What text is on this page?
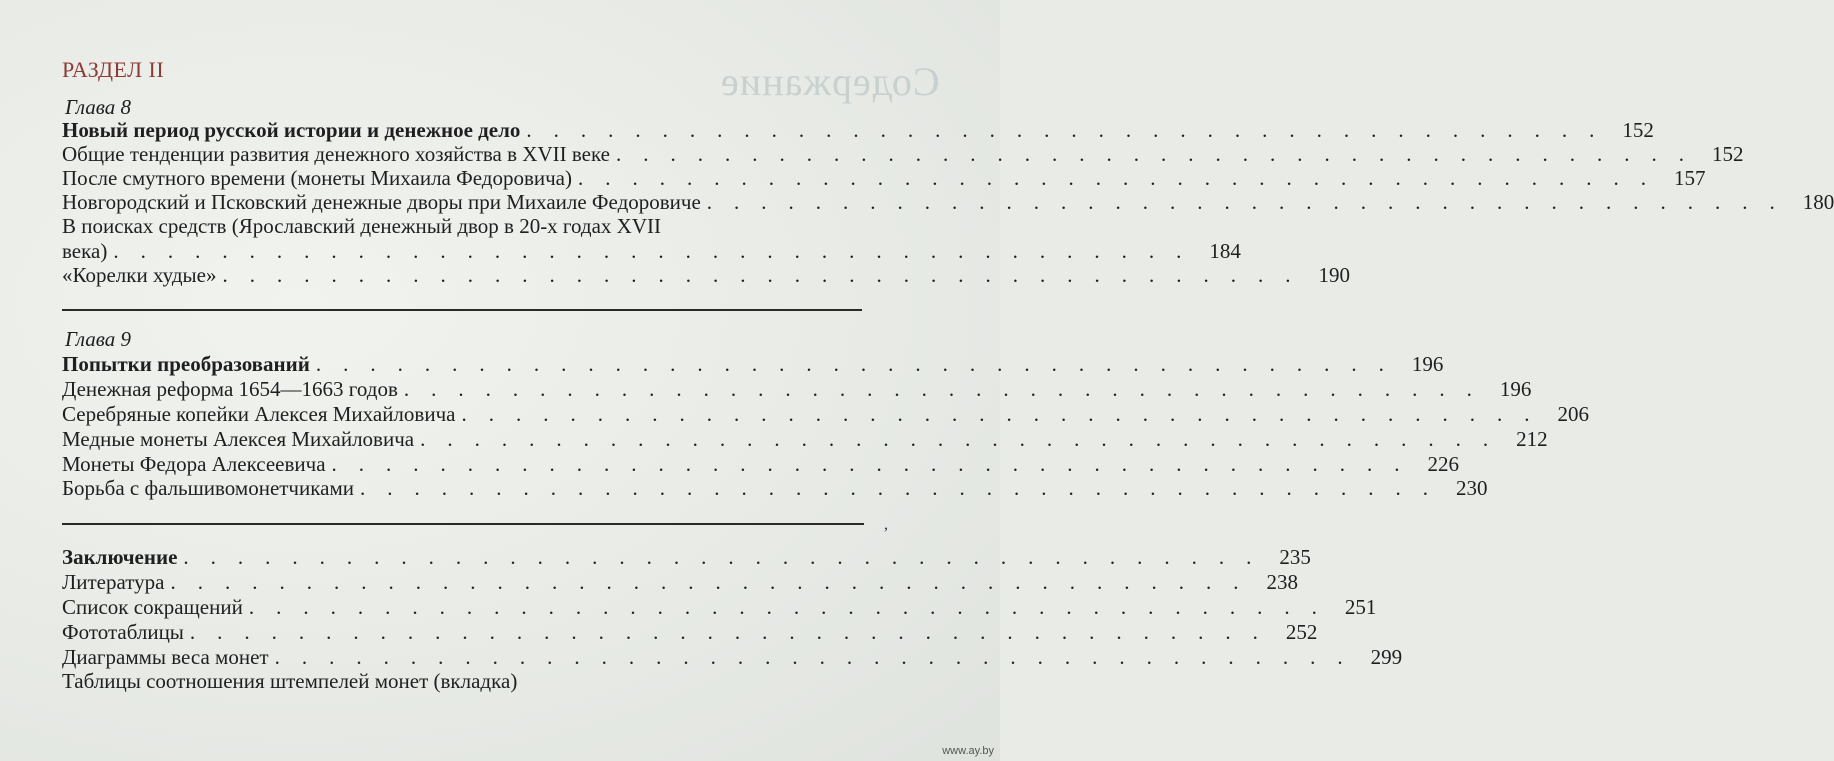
Содержание
РАЗДЕЛ II
Глава 8
Новый период русской истории и денежное дело ........................................ 152
Общие тенденции развития денежного хозяйства в XVII веке ........................................ 152
После смутного времени (монеты Михаила Федоровича) ........................................ 157
Новгородский и Псковский денежные дворы при Михаиле Федоровиче ........................................ 180
В поисках средств (Ярославский денежный двор в 20-х годах XVII
века) ........................................ 184
«Корелки худые» ........................................ 190
Глава 9
Попытки преобразований ........................................ 196
Денежная реформа 1654—1663 годов ........................................ 196
Серебряные копейки Алексея Михайловича ........................................ 206
Медные монеты Алексея Михайловича ........................................ 212
Монеты Федора Алексеевича ........................................ 226
Борьба с фальшивомонетчиками ........................................ 230
,
Заключение ........................................ 235
Литература ........................................ 238
Список сокращений ........................................ 251
Фототаблицы ........................................ 252
Диаграммы веса монет ........................................ 299
Таблицы соотношения штемпелей монет (вкладка)
www.ay.by
